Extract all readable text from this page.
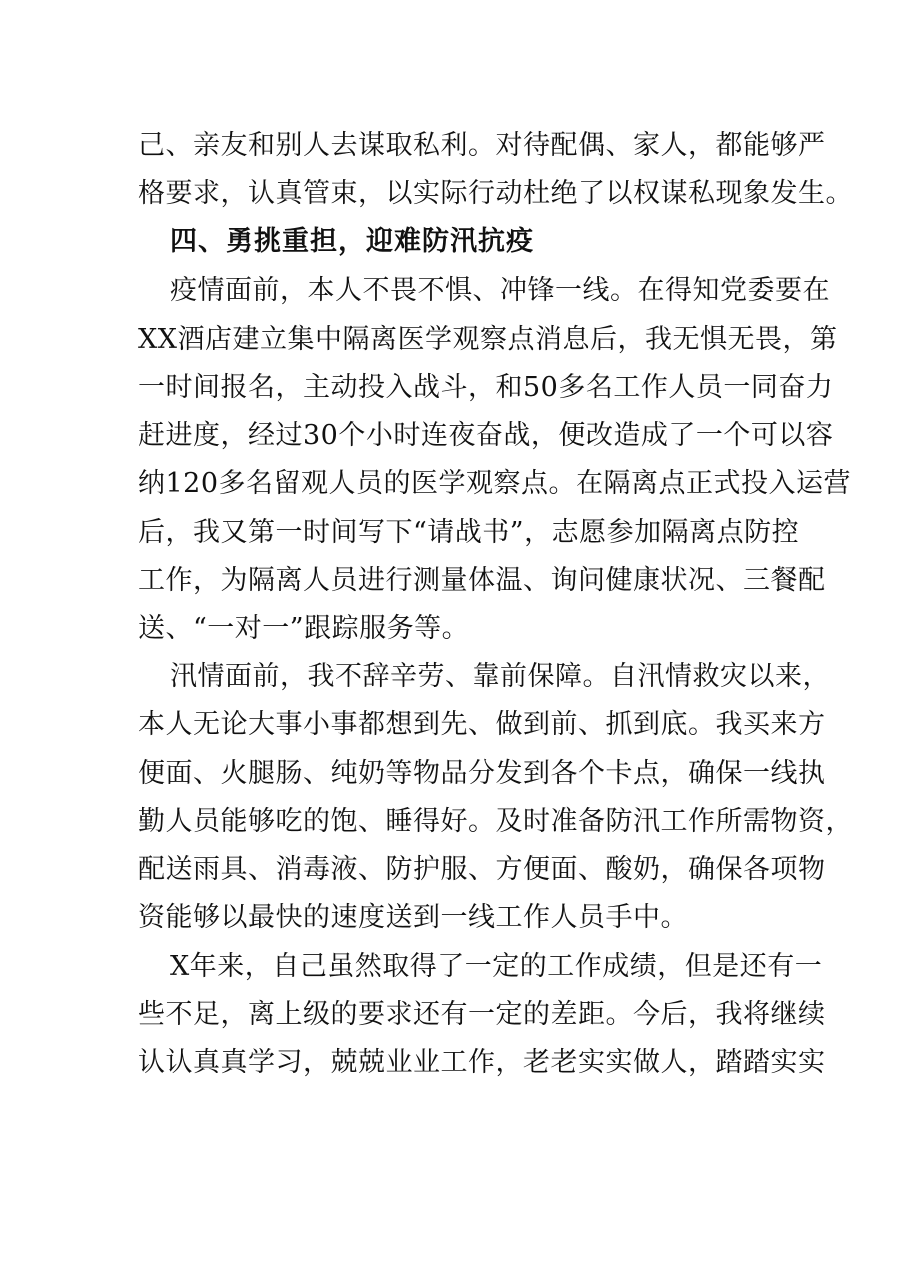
己、亲友和别人去谋取私利。对待配偶、家人，都能够严
格要求，认真管束，以实际行动杜绝了以权谋私现象发生。
四、勇挑重担，迎难防汛抗疫
疫情面前，本人不畏不惧、冲锋一线。在得知党委要在
XX酒店建立集中隔离医学观察点消息后，我无惧无畏，第
一时间报名，主动投入战斗，和50多名工作人员一同奋力
赶进度，经过30个小时连夜奋战，便改造成了一个可以容
纳120多名留观人员的医学观察点。在隔离点正式投入运营
后，我又第一时间写下“请战书”，志愿参加隔离点防控
工作，为隔离人员进行测量体温、询问健康状况、三餐配
送、“一对一”跟踪服务等。
汛情面前，我不辞辛劳、靠前保障。自汛情救灾以来，
本人无论大事小事都想到先、做到前、抓到底。我买来方
便面、火腿肠、纯奶等物品分发到各个卡点，确保一线执
勤人员能够吃的饱、睡得好。及时准备防汛工作所需物资，
配送雨具、消毒液、防护服、方便面、酸奶，确保各项物
资能够以最快的速度送到一线工作人员手中。
X年来，自己虽然取得了一定的工作成绩，但是还有一
些不足，离上级的要求还有一定的差距。今后，我将继续
认认真真学习，兢兢业业工作，老老实实做人，踏踏实实
